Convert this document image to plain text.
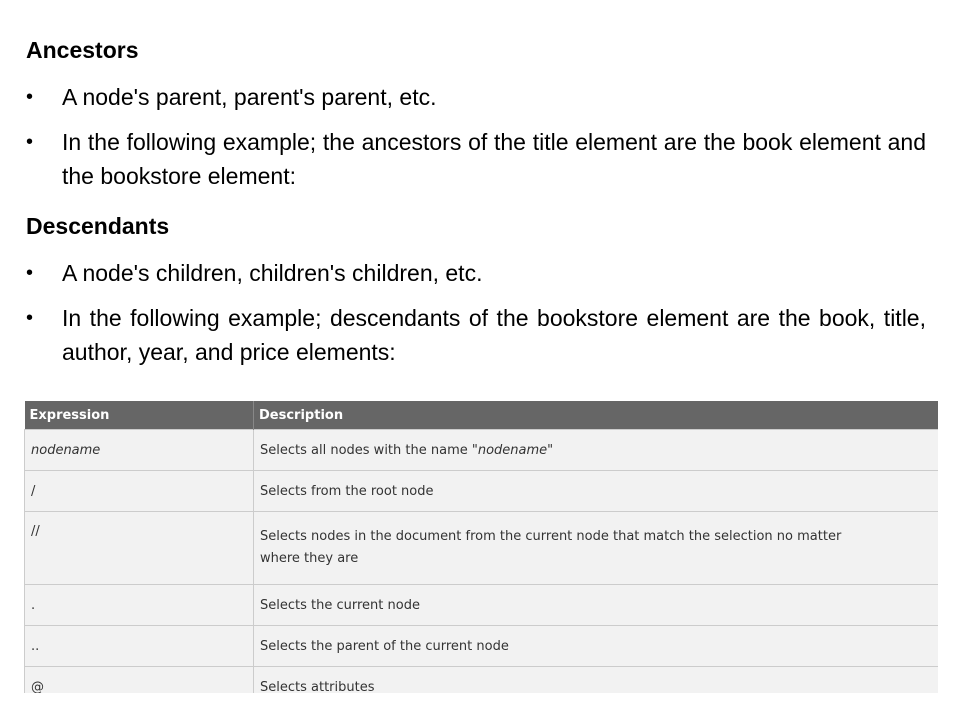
Ancestors
• A node's parent, parent's parent, etc.
• In the following example; the ancestors of the title element are the book element and the bookstore element:
Descendants
• A node's children, children's children, etc.
• In the following example; descendants of the bookstore element are the book, title, author, year, and price elements:
Expression	Description
nodename	Selects all nodes with the name "nodename"
/	Selects from the root node
//	Selects nodes in the document from the current node that match the selection no matter
where they are

.	Selects the current node
..	Selects the parent of the current node
@	Selects attributes
